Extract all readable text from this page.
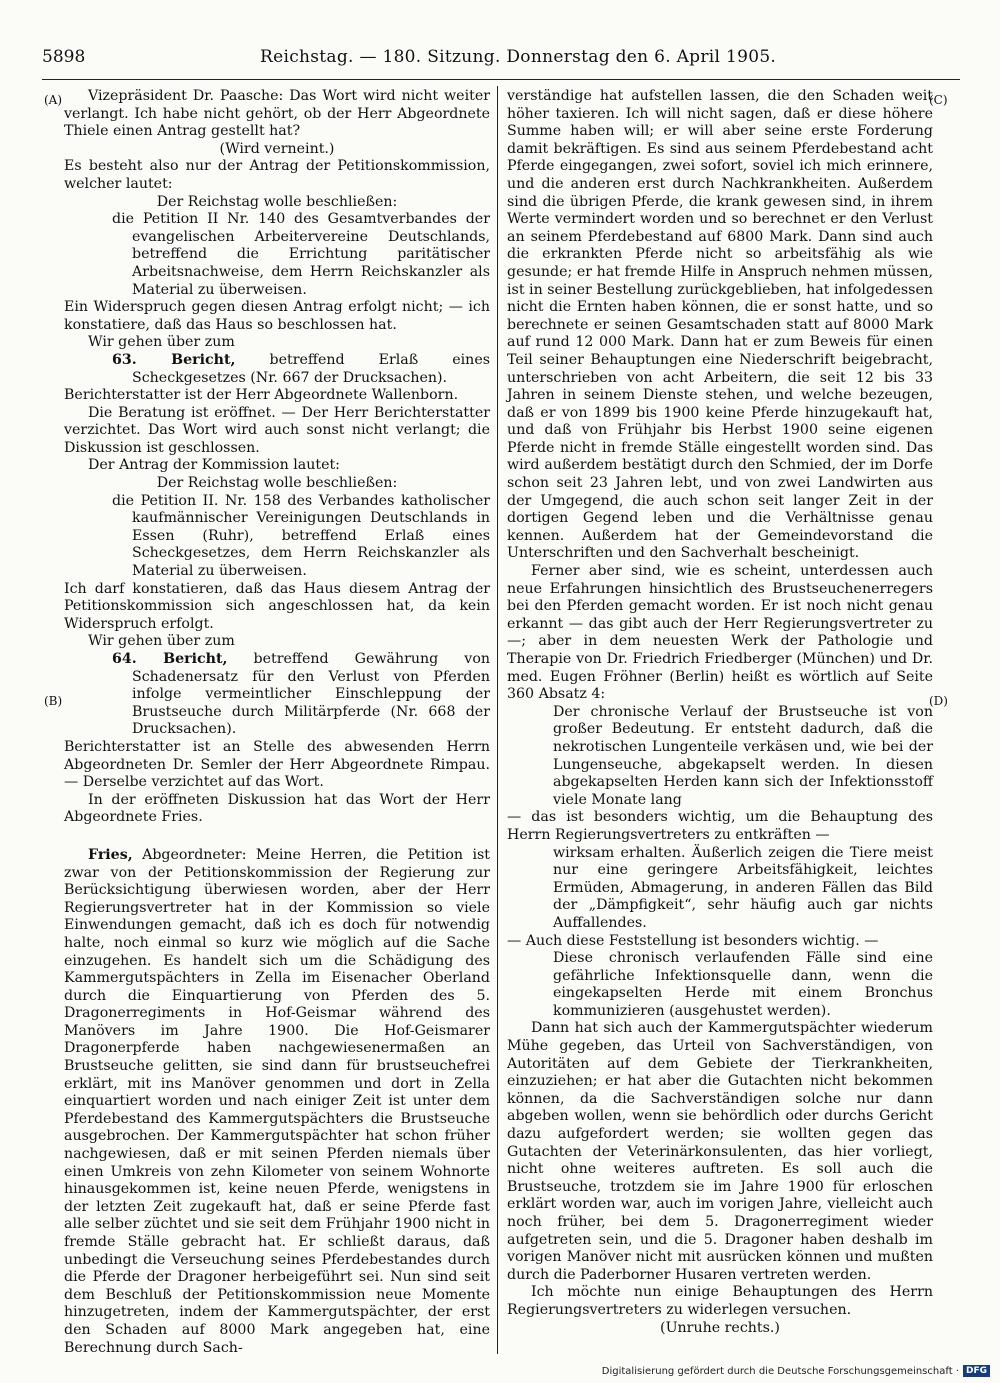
5898	Reichstag. — 180. Sitzung. Donnerstag den 6. April 1905.
(A)
(B)
(C)
(D)

Vizepräsident Dr. Paasche: Das Wort wird nicht weiter verlangt. Ich habe nicht gehört, ob der Herr Abgeordnete Thiele einen Antrag gestellt hat?

(Wird verneint.)

Es besteht also nur der Antrag der Petitionskommission, welcher lautet:

Der Reichstag wolle beschließen:

die Petition II Nr. 140 des Gesamtverbandes der evangelischen Arbeitervereine Deutschlands, betreffend die Errichtung paritätischer Arbeitsnachweise, dem Herrn Reichskanzler als Material zu überweisen.

Ein Widerspruch gegen diesen Antrag erfolgt nicht; — ich konstatiere, daß das Haus so beschlossen hat.

Wir gehen über zum

63. Bericht, betreffend Erlaß eines Scheckgesetzes (Nr. 667 der Drucksachen).

Berichterstatter ist der Herr Abgeordnete Wallenborn.

Die Beratung ist eröffnet. — Der Herr Berichterstatter verzichtet. Das Wort wird auch sonst nicht verlangt; die Diskussion ist geschlossen.

Der Antrag der Kommission lautet:

Der Reichstag wolle beschließen:

die Petition II. Nr. 158 des Verbandes katholischer kaufmännischer Vereinigungen Deutschlands in Essen (Ruhr), betreffend Erlaß eines Scheckgesetzes, dem Herrn Reichskanzler als Material zu überweisen.

Ich darf konstatieren, daß das Haus diesem Antrag der Petitionskommission sich angeschlossen hat, da kein Widerspruch erfolgt.

Wir gehen über zum

64. Bericht, betreffend Gewährung von Schadenersatz für den Verlust von Pferden infolge vermeintlicher Einschleppung der Brustseuche durch Militärpferde (Nr. 668 der Drucksachen).

Berichterstatter ist an Stelle des abwesenden Herrn Abgeordneten Dr. Semler der Herr Abgeordnete Rimpau. — Derselbe verzichtet auf das Wort.

In der eröffneten Diskussion hat das Wort der Herr Abgeordnete Fries.

Fries, Abgeordneter: Meine Herren, die Petition ist zwar von der Petitionskommission der Regierung zur Berücksichtigung überwiesen worden, aber der Herr Regierungsvertreter hat in der Kommission so viele Einwendungen gemacht, daß ich es doch für notwendig halte, noch einmal so kurz wie möglich auf die Sache einzugehen. Es handelt sich um die Schädigung des Kammergutspächters in Zella im Eisenacher Oberland durch die Einquartierung von Pferden des 5. Dragonerregiments in Hof-Geismar während des Manövers im Jahre 1900. Die Hof-Geismarer Dragonerpferde haben nachgewiesenermaßen an Brustseuche gelitten, sie sind dann für brustseuchefrei erklärt, mit ins Manöver genommen und dort in Zella einquartiert worden und nach einiger Zeit ist unter dem Pferdebestand des Kammergutspächters die Brustseuche ausgebrochen. Der Kammergutspächter hat schon früher nachgewiesen, daß er mit seinen Pferden niemals über einen Umkreis von zehn Kilometer von seinem Wohnorte hinausgekommen ist, keine neuen Pferde, wenigstens in der letzten Zeit zugekauft hat, daß er seine Pferde fast alle selber züchtet und sie seit dem Frühjahr 1900 nicht in fremde Ställe gebracht hat. Er schließt daraus, daß unbedingt die Verseuchung seines Pferdebestandes durch die Pferde der Dragoner herbeigeführt sei. Nun sind seit dem Beschluß der Petitionskommission neue Momente hinzugetreten, indem der Kammergutspächter, der erst den Schaden auf 8000 Mark angegeben hat, eine Berechnung durch Sach-

verständige hat aufstellen lassen, die den Schaden weit höher taxieren. Ich will nicht sagen, daß er diese höhere Summe haben will; er will aber seine erste Forderung damit bekräftigen. Es sind aus seinem Pferdebestand acht Pferde eingegangen, zwei sofort, soviel ich mich erinnere, und die anderen erst durch Nachkrankheiten. Außerdem sind die übrigen Pferde, die krank gewesen sind, in ihrem Werte vermindert worden und so berechnet er den Verlust an seinem Pferdebestand auf 6800 Mark. Dann sind auch die erkrankten Pferde nicht so arbeitsfähig als wie gesunde; er hat fremde Hilfe in Anspruch nehmen müssen, ist in seiner Bestellung zurückgeblieben, hat infolgedessen nicht die Ernten haben können, die er sonst hatte, und so berechnete er seinen Gesamtschaden statt auf 8000 Mark auf rund 12 000 Mark. Dann hat er zum Beweis für einen Teil seiner Behauptungen eine Niederschrift beigebracht, unterschrieben von acht Arbeitern, die seit 12 bis 33 Jahren in seinem Dienste stehen, und welche bezeugen, daß er von 1899 bis 1900 keine Pferde hinzugekauft hat, und daß von Frühjahr bis Herbst 1900 seine eigenen Pferde nicht in fremde Ställe eingestellt worden sind. Das wird außerdem bestätigt durch den Schmied, der im Dorfe schon seit 23 Jahren lebt, und von zwei Landwirten aus der Umgegend, die auch schon seit langer Zeit in der dortigen Gegend leben und die Verhältnisse genau kennen. Außerdem hat der Gemeindevorstand die Unterschriften und den Sachverhalt bescheinigt.

Ferner aber sind, wie es scheint, unterdessen auch neue Erfahrungen hinsichtlich des Brustseuchenerregers bei den Pferden gemacht worden. Er ist noch nicht genau erkannt — das gibt auch der Herr Regierungsvertreter zu —; aber in dem neuesten Werk der Pathologie und Therapie von Dr. Friedrich Friedberger (München) und Dr. med. Eugen Fröhner (Berlin) heißt es wörtlich auf Seite 360 Absatz 4:

Der chronische Verlauf der Brustseuche ist von großer Bedeutung. Er entsteht dadurch, daß die nekrotischen Lungenteile verkäsen und, wie bei der Lungenseuche, abgekapselt werden. In diesen abgekapselten Herden kann sich der Infektionsstoff viele Monate lang

— das ist besonders wichtig, um die Behauptung des Herrn Regierungsvertreters zu entkräften —

wirksam erhalten. Äußerlich zeigen die Tiere meist nur eine geringere Arbeitsfähigkeit, leichtes Ermüden, Abmagerung, in anderen Fällen das Bild der „Dämpfigkeit“, sehr häufig auch gar nichts Auffallendes.

— Auch diese Feststellung ist besonders wichtig. —

Diese chronisch verlaufenden Fälle sind eine gefährliche Infektionsquelle dann, wenn die eingekapselten Herde mit einem Bronchus kommunizieren (ausgehustet werden).

Dann hat sich auch der Kammergutspächter wiederum Mühe gegeben, das Urteil von Sachverständigen, von Autoritäten auf dem Gebiete der Tierkrankheiten, einzuziehen; er hat aber die Gutachten nicht bekommen können, da die Sachverständigen solche nur dann abgeben wollen, wenn sie behördlich oder durchs Gericht dazu aufgefordert werden; sie wollten gegen das Gutachten der Veterinärkonsulenten, das hier vorliegt, nicht ohne weiteres auftreten. Es soll auch die Brustseuche, trotzdem sie im Jahre 1900 für erloschen erklärt worden war, auch im vorigen Jahre, vielleicht auch noch früher, bei dem 5. Dragonerregiment wieder aufgetreten sein, und die 5. Dragoner haben deshalb im vorigen Manöver nicht mit ausrücken können und mußten durch die Paderborner Husaren vertreten werden.

Ich möchte nun einige Behauptungen des Herrn Regierungsvertreters zu widerlegen versuchen.

(Unruhe rechts.)

Digitalisierung gefördert durch die Deutsche Forschungsgemeinschaft · DFG
